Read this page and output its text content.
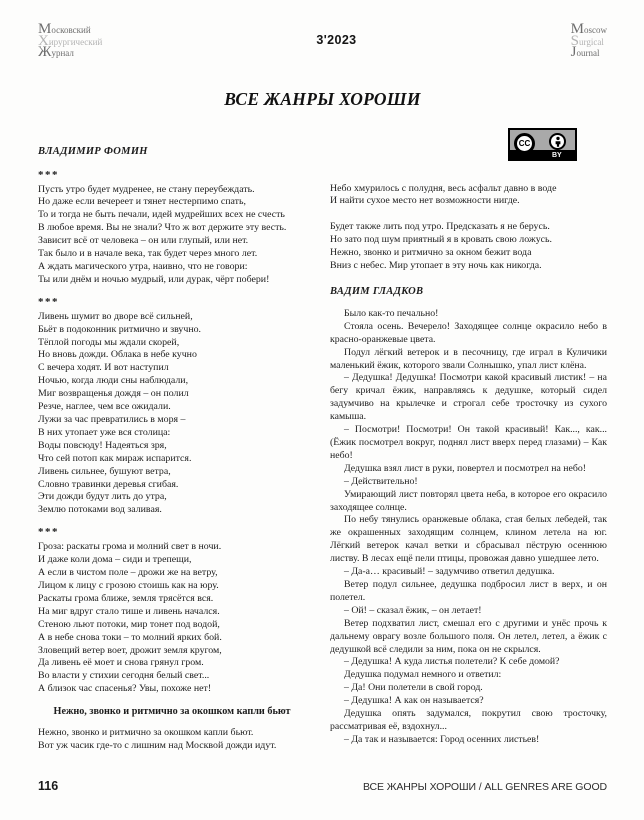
Московский
Хирургический
Журнал
3'2023
Moscow
Surgical
Journal
ВСЕ ЖАНРЫ ХОРОШИ
CC
BY
ВЛАДИМИР ФОМИН
***
Пусть утро будет мудренее, не стану переубеждать.
Но даже если вечереет и тянет нестерпимо спать,
То и тогда не быть печали, идей мудрейших всех не счесть
В любое время. Вы не знали? Что ж вот держите эту весть.
Зависит всё от человека – он или глупый, или нет.
Так было и в начале века, так будет через много лет.
А ждать магического утра, наивно, что не говори:
Ты или днём и ночью мудрый, или дурак, чёрт побери!
***
Ливень шумит во дворе всё сильней,
Бьёт в подоконник ритмично и звучно.
Тёплой погоды мы ждали скорей,
Но вновь дожди. Облака в небе кучно
С вечера ходят. И вот наступил
Ночью, когда люди сны наблюдали,
Миг возвращенья дождя – он полил
Резче, наглее, чем все ожидали.
Лужи за час превратились в моря –
В них утопает уже вся столица:
Воды повсюду! Надеяться зря,
Что сей потоп как мираж испарится.
Ливень сильнее, бушуют ветра,
Словно травинки деревья сгибая.
Эти дожди будут лить до утра,
Землю потоками вод заливая.
***
Гроза: раскаты грома и молний свет в ночи.
И даже коли дома – сиди и трепещи,
А если в чистом поле – дрожи же на ветру,
Лицом к лицу с грозою стоишь как на юру.
Раскаты грома ближе, земля трясётся вся.
На миг вдруг стало тише и ливень начался.
Стеною льют потоки, мир тонет под водой,
А в небе снова токи – то молний ярких бой.
Зловещий ветер воет, дрожит земля кругом,
Да ливень её моет и снова грянул гром.
Во власти у стихии сегодня белый свет...
А близок час спасенья? Увы, похоже нет!
Нежно, звонко и ритмично за окошком капли бьют
Нежно, звонко и ритмично за окошком капли бьют.
Вот уж часик где-то с лишним над Москвой дожди идут.
Небо хмурилось с полудня, весь асфальт давно в воде
И найти сухое место нет возможности нигде.
Будет также лить под утро. Предсказать я не берусь.
Но зато под шум приятный я в кровать свою ложусь.
Нежно, звонко и ритмично за окном бежит вода
Вниз с небес. Мир утопает в эту ночь как никогда.
ВАДИМ ГЛАДКОВ
Было как-то печально!
Стояла осень. Вечерело! Заходящее солнце окрасило небо в красно-оранжевые цвета.
Подул лёгкий ветерок и в песочницу, где играл в Куличики маленький ёжик, которого звали Солнышко, упал лист клёна.
– Дедушка! Дедушка! Посмотри какой красивый листик! – на бегу кричал ёжик, направляясь к дедушке, который сидел задумчиво на крылечке и строгал себе тросточку из сухого камыша.
– Посмотри! Посмотри! Он такой красивый! Как..., как... (Ёжик посмотрел вокруг, поднял лист вверх перед глазами) – Как небо!
Дедушка взял лист в руки, повертел и посмотрел на небо!
– Действительно!
Умирающий лист повторял цвета неба, в которое его окрасило заходящее солнце.
По небу тянулись оранжевые облака, стая белых лебедей, так же окрашенных заходящим солнцем, клином летела на юг. Лёгкий ветерок качал ветки и сбрасывал пёструю осеннюю листву. В лесах ещё пели птицы, провожая давно ушедшее лето.
– Да-а… красивый! – задумчиво ответил дедушка.
Ветер подул сильнее, дедушка подбросил лист в верх, и он полетел.
– Ой! – сказал ёжик, – он летает!
Ветер подхватил лист, смешал его с другими и унёс прочь к дальнему оврагу возле большого поля. Он летел, летел, а ёжик с дедушкой всё следили за ним, пока он не скрылся.
– Дедушка! А куда листья полетели? К себе домой?
Дедушка подумал немного и ответил:
– Да! Они полетели в свой город.
– Дедушка! А как он называется?
Дедушка опять задумался, покрутил свою тросточку, рассматривая её, вздохнул...
– Да так и называется: Город осенних листьев!
116	ВСЕ ЖАНРЫ ХОРОШИ / ALL GENRES ARE GOOD
